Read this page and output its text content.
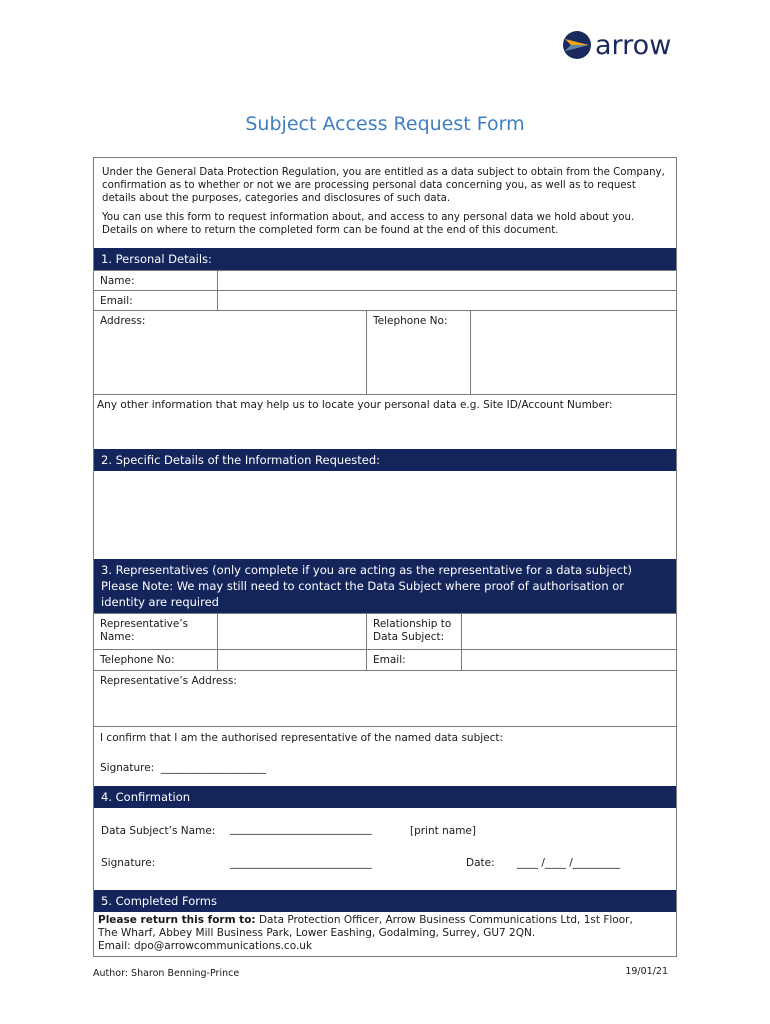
arrow
Subject Access Request Form

Under the General Data Protection Regulation, you are entitled as a data subject to obtain from the Company, confirmation as to whether or not we are processing personal data concerning you, as well as to request details about the purposes, categories and disclosures of such data.

You can use this form to request information about, and access to any personal data we hold about you. Details on where to return the completed form can be found at the end of this document.

1. Personal Details:
Name:
Email:
Address:	Telephone No:
Any other information that may help us to locate your personal data e.g. Site ID/Account Number:
2. Specific Details of the Information Requested:
3. Representatives (only complete if you are acting as the representative for a data subject)
Please Note: We may still need to contact the Data Subject where proof of authorisation or identity are required
Representative’s Name:
Relationship to Data Subject:
Telephone No:	Email:
Representative’s Address:
I confirm that I am the authorised representative of the named data subject:
Signature: ____________________
4. Confirmation
Data Subject’s Name: ___________________________	[print name]
Signature:	___________________________	Date: ____ /____ /_________
5. Completed Forms
Please return this form to: Data Protection Officer, Arrow Business Communications Ltd, 1st Floor,
The Wharf, Abbey Mill Business Park, Lower Eashing, Godalming, Surrey, GU7 2QN.
Email: dpo@arrowcommunications.co.uk
Author: Sharon Benning-Prince	19/01/21
